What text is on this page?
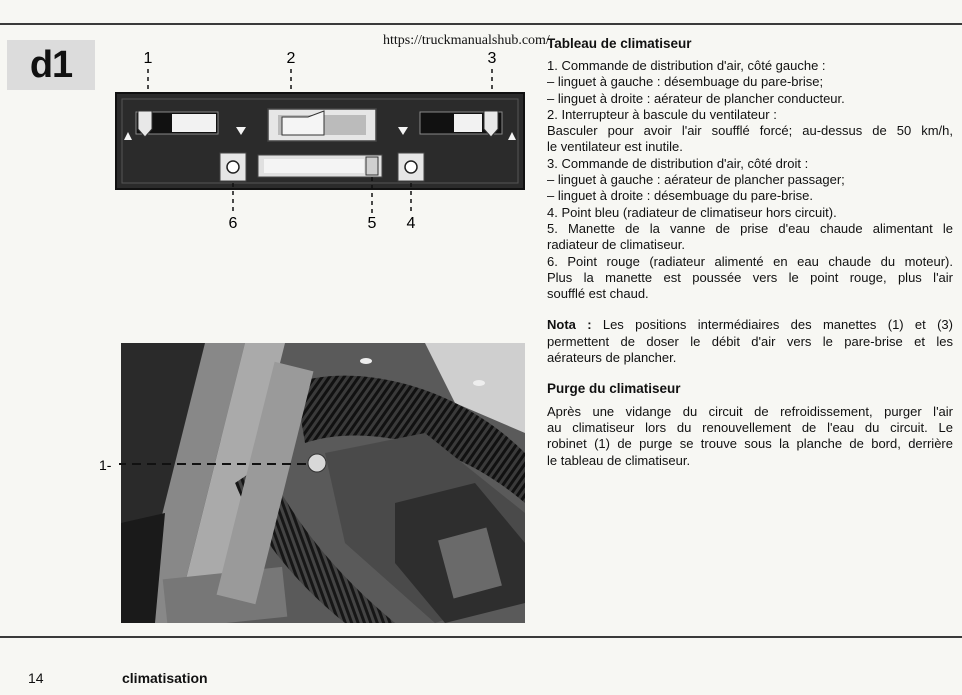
d1
https://truckmanualshub.com/
Tableau de climatiseur
1	2	3
6	5 4
1-
1. Commande de distribution d'air, côté gauche :
– linguet à gauche : désembuage du pare-brise;
– linguet à droite : aérateur de plancher conducteur.
2. Interrupteur à bascule du ventilateur :
Basculer pour avoir l'air soufflé forcé; au-dessus de 50 km/h,
le ventilateur est inutile.
3. Commande de distribution d'air, côté droit :
– linguet à gauche : aérateur de plancher passager;
– linguet à droite : désembuage du pare-brise.
4. Point bleu (radiateur de climatiseur hors circuit).
5. Manette de la vanne de prise d'eau chaude alimentant le
radiateur de climatiseur.
6. Point rouge (radiateur alimenté en eau chaude du moteur).
Plus la manette est poussée vers le point rouge, plus l'air
soufflé est chaud.
Nota : Les positions intermédiaires des manettes (1) et (3)
permettent de doser le débit d'air vers le pare-brise et les
aérateurs de plancher.
Purge du climatiseur
Après une vidange du circuit de refroidissement, purger l'air
au climatiseur lors du renouvellement de l'eau du circuit. Le
robinet (1) de purge se trouve sous la planche de bord, derrière
le tableau de climatiseur.
14	climatisation
